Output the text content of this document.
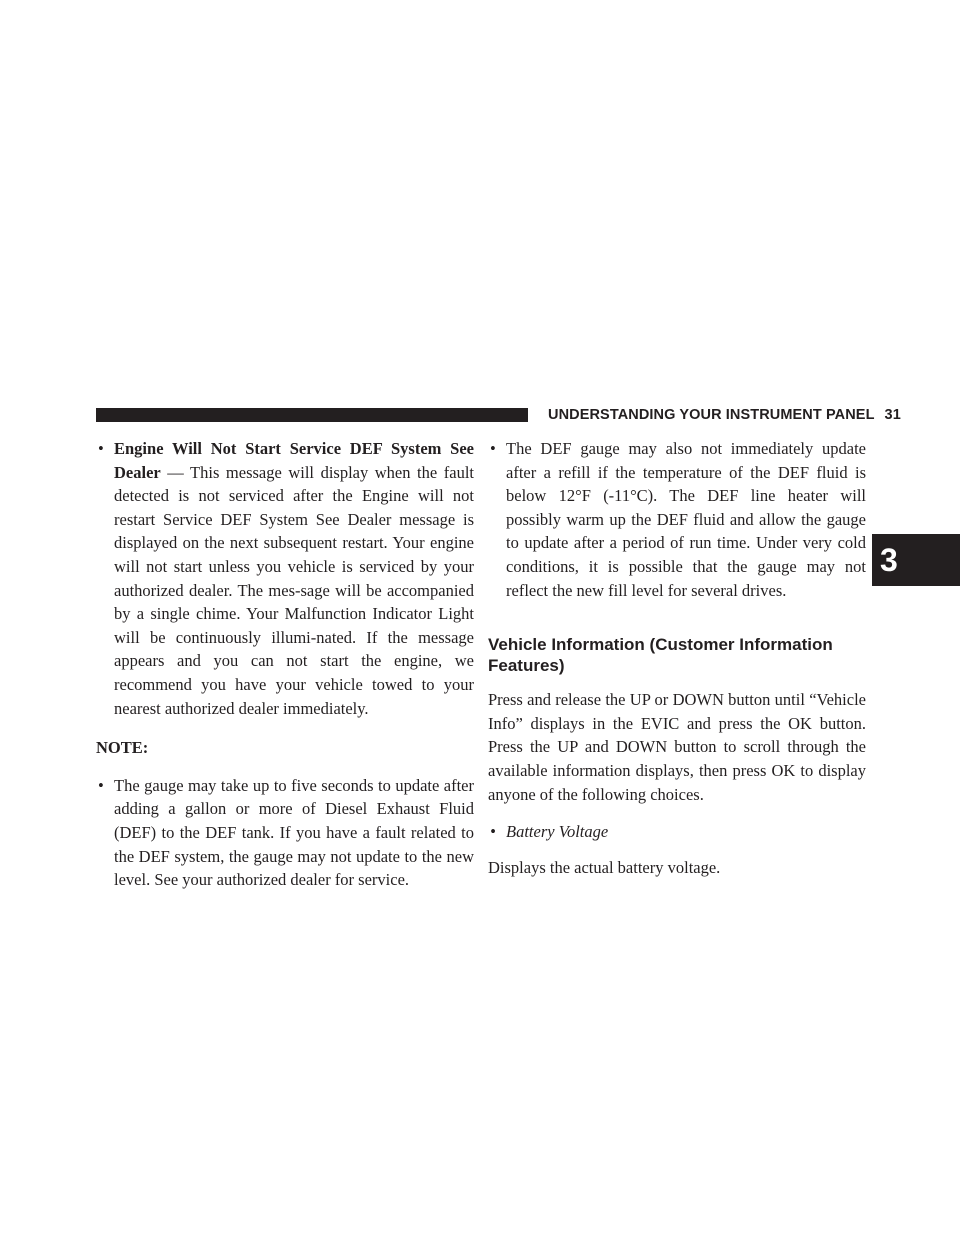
UNDERSTANDING YOUR INSTRUMENT PANEL 31
3
• Engine Will Not Start Service DEF System See Dealer — This message will display when the fault detected is not serviced after the Engine will not restart Service DEF System See Dealer message is displayed on the next subsequent restart. Your engine will not start unless you vehicle is serviced by your authorized dealer. The mes-sage will be accompanied by a single chime. Your Malfunction Indicator Light will be continuously illumi-nated. If the message appears and you can not start the engine, we recommend you have your vehicle towed to your nearest authorized dealer immediately.

NOTE:
• The gauge may take up to five seconds to update after adding a gallon or more of Diesel Exhaust Fluid (DEF) to the DEF tank. If you have a fault related to the DEF system, the gauge may not update to the new level. See your authorized dealer for service.

• The DEF gauge may also not immediately update after a refill if the temperature of the DEF fluid is below 12°F (-11°C). The DEF line heater will possibly warm up the DEF fluid and allow the gauge to update after a period of run time. Under very cold conditions, it is possible that the gauge may not reflect the new fill level for several drives.

Vehicle Information (Customer Information Features)

Press and release the UP or DOWN button until “Vehicle Info” displays in the EVIC and press the OK button. Press the UP and DOWN button to scroll through the available information displays, then press OK to display anyone of the following choices.

• Battery Voltage

Displays the actual battery voltage.
